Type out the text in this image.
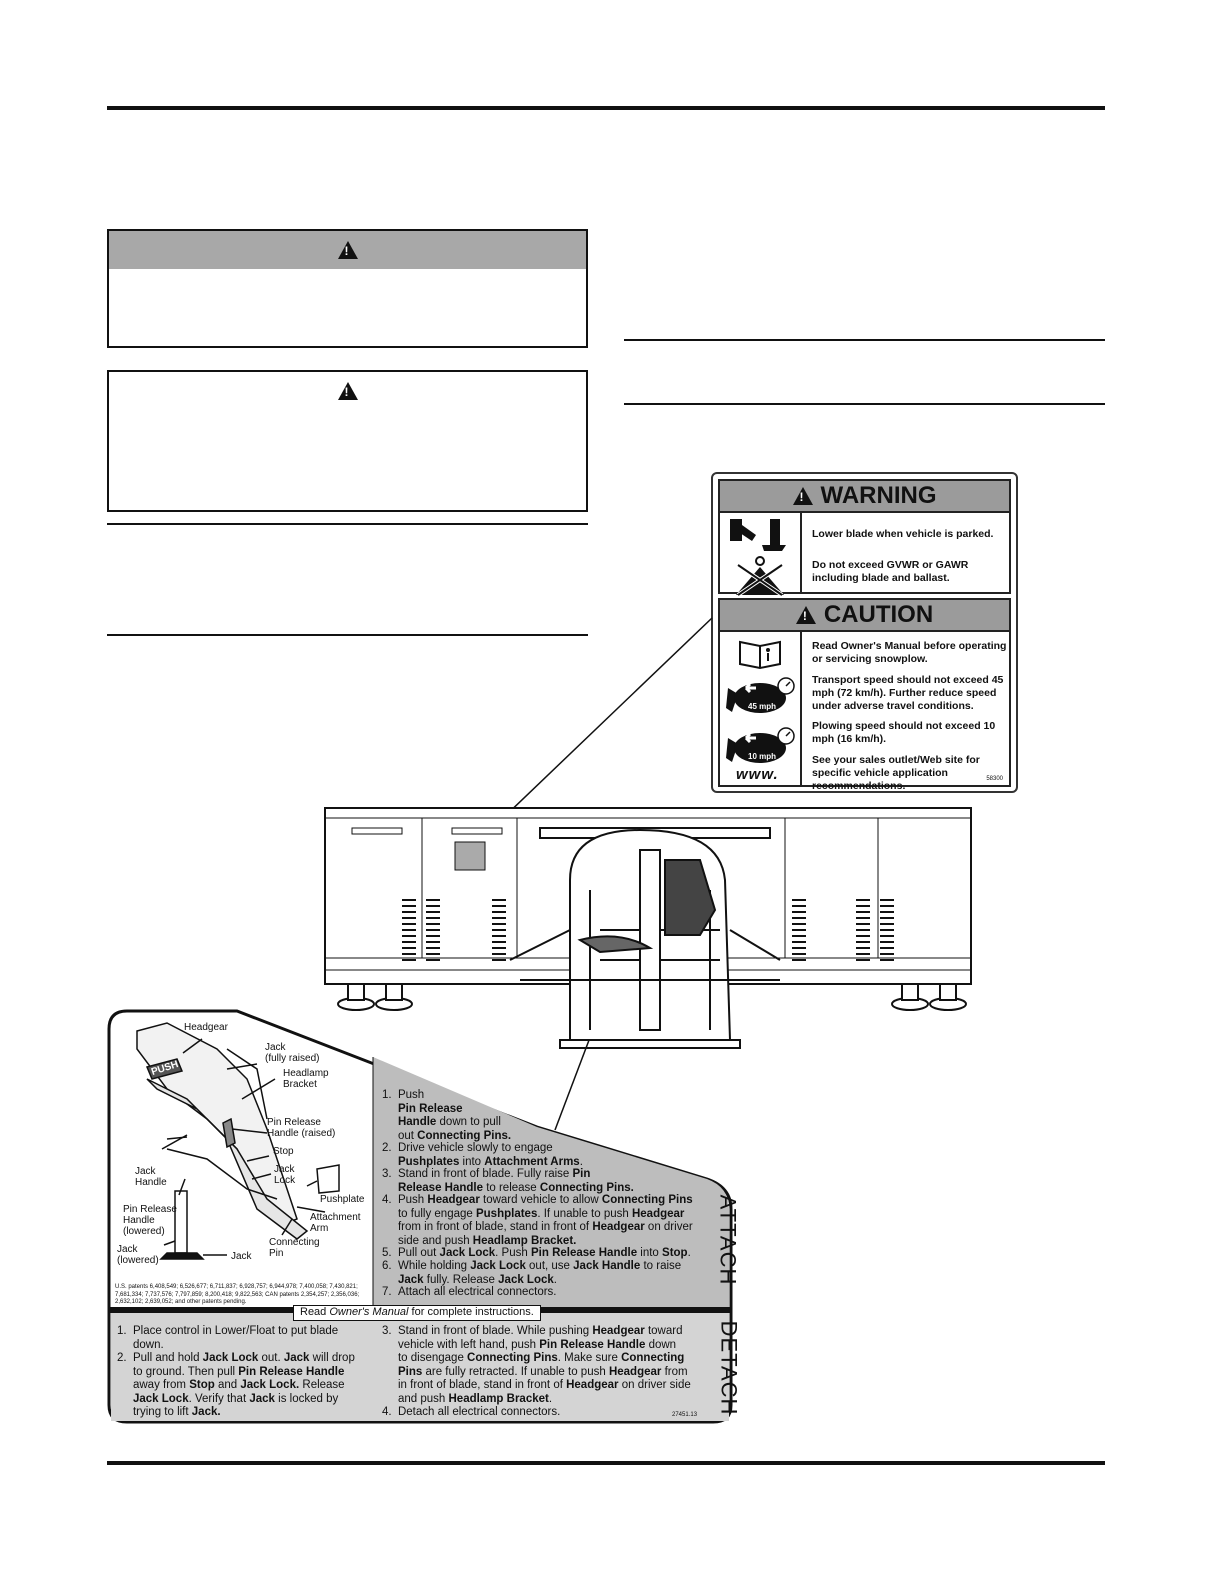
!
!
!
WARNING
Lower blade when vehicle is parked.
Do not exceed GVWR or GAWR including blade and ballast.
!
CAUTION
45 mph
10 mph
www.
Read Owner's Manual before operating or servicing snowplow.
Transport speed should not exceed 45 mph (72 km/h). Further reduce speed under adverse travel conditions.
Plowing speed should not exceed 10 mph (16 km/h).
See your sales outlet/Web site for specific vehicle application recommendations.
58300
Headgear
Jack
(fully raised)
Headlamp
Bracket
Pin Release
Handle (raised)
Stop
Jack
Lock
Jack
Handle
Pushplate
Pin Release
Handle
(lowered)
Attachment
Arm
Connecting
Pin
Jack
(lowered)	Jack
PUSH
U.S. patents 6,408,549; 6,526,677; 6,711,837; 6,928,757; 6,944,978; 7,400,058; 7,430,821; 7,681,334; 7,737,576; 7,797,859; 8,200,418; 9,822,563; CAN patents 2,354,257; 2,356,036; 2,632,102; 2,639,052; and other patents pending.
1.  Push
Pin Release
Handle down to pull
out Connecting Pins.
2.  Drive vehicle slowly to engage
Pushplates into Attachment Arms.
3.  Stand in front of blade. Fully raise Pin
Release Handle to release Connecting Pins.
4.  Push Headgear toward vehicle to allow Connecting Pins
to fully engage Pushplates. If unable to push Headgear
from in front of blade, stand in front of Headgear on driver
side and push Headlamp Bracket.
5.  Pull out Jack Lock. Push Pin Release Handle into Stop.
6.  While holding Jack Lock out, use Jack Handle to raise
Jack fully. Release Jack Lock.
7.  Attach all electrical connectors.
ATTACH
Read Owner's Manual for complete instructions.
1.  Place control in Lower/Float to put blade
down.
2.  Pull and hold Jack Lock out. Jack will drop
to ground. Then pull Pin Release Handle
away from Stop and Jack Lock. Release
Jack Lock. Verify that Jack is locked by
trying to lift Jack.
3.  Stand in front of blade. While pushing Headgear toward
vehicle with left hand, push Pin Release Handle down
to disengage Connecting Pins. Make sure Connecting
Pins are fully retracted. If unable to push Headgear from
in front of blade, stand in front of Headgear on driver side
and push Headlamp Bracket.
4.  Detach all electrical connectors.	DETACH
27451.13
